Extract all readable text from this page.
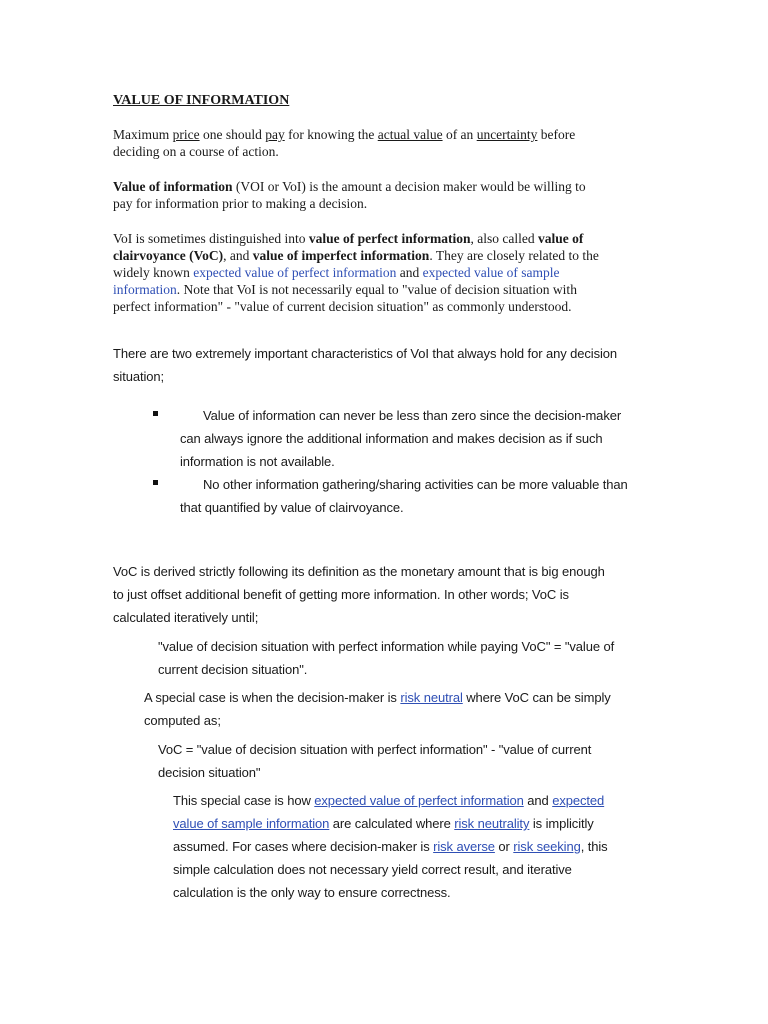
VALUE OF INFORMATION
Maximum price one should pay for knowing the actual value of an uncertainty before
deciding on a course of action.
Value of information (VOI or VoI) is the amount a decision maker would be willing to
pay for information prior to making a decision.
VoI is sometimes distinguished into value of perfect information, also called value of
clairvoyance (VoC), and value of imperfect information. They are closely related to the
widely known expected value of perfect information and expected value of sample
information. Note that VoI is not necessarily equal to "value of decision situation with
perfect information" - "value of current decision situation" as commonly understood.
There are two extremely important characteristics of VoI that always hold for any decision
situation;
Value of information can never be less than zero since the decision-maker
can always ignore the additional information and makes decision as if such
information is not available.
No other information gathering/sharing activities can be more valuable than
that quantified by value of clairvoyance.
VoC is derived strictly following its definition as the monetary amount that is big enough
to just offset additional benefit of getting more information. In other words; VoC is
calculated iteratively until;
"value of decision situation with perfect information while paying VoC" = "value of
current decision situation".
A special case is when the decision-maker is risk neutral where VoC can be simply
computed as;
VoC = "value of decision situation with perfect information" - "value of current
decision situation"
This special case is how expected value of perfect information and expected
value of sample information are calculated where risk neutrality is implicitly
assumed. For cases where decision-maker is risk averse or risk seeking, this
simple calculation does not necessary yield correct result, and iterative
calculation is the only way to ensure correctness.
